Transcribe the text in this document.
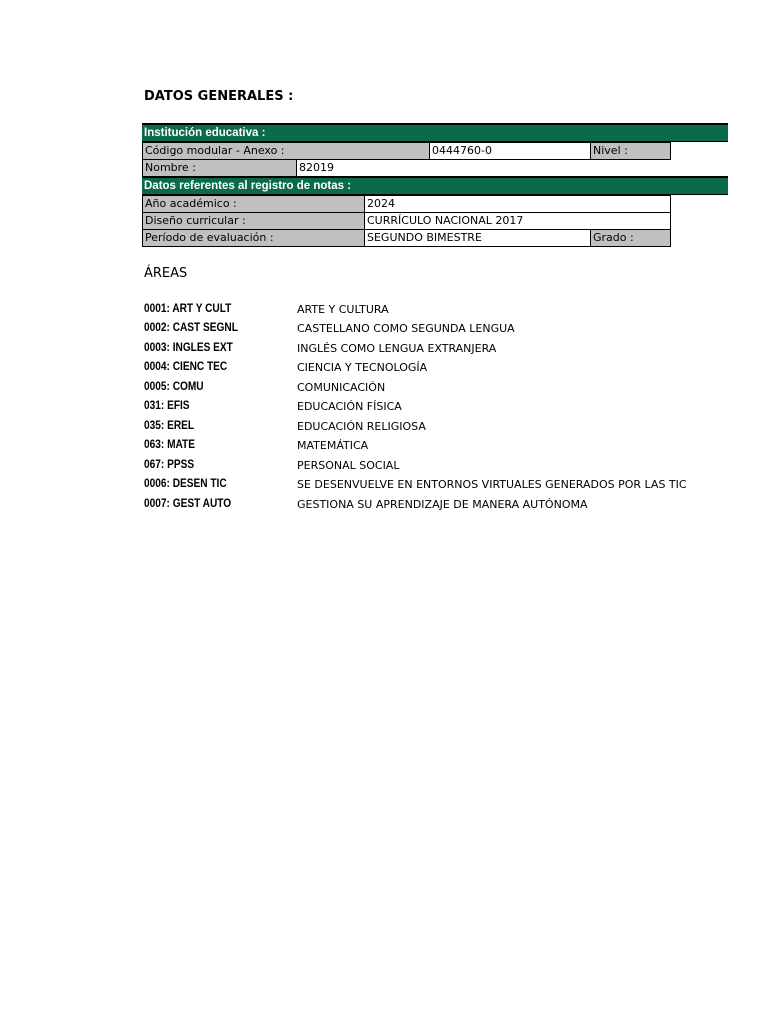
DATOS GENERALES :
Institución educativa :
Código modular - Anexo :		0444760-0	Nivel :
Nombre :	82019		
Datos referentes al registro de notas :
Año académico :	2024	
Diseño curricular :	CURRÍCULO NACIONAL 2017	
Período de evaluación :	SEGUNDO BIMESTRE	Grado :
ÁREAS
0001: ART Y CULT	ARTE Y CULTURA
0002: CAST SEGNL	CASTELLANO COMO SEGUNDA LENGUA
0003: INGLES EXT	INGLÉS COMO LENGUA EXTRANJERA
0004: CIENC TEC	CIENCIA Y TECNOLOGÍA
0005: COMU	COMUNICACIÓN
031: EFIS	EDUCACIÓN FÍSICA
035: EREL	EDUCACIÓN RELIGIOSA
063: MATE	MATEMÁTICA
067: PPSS	PERSONAL SOCIAL
0006: DESEN TIC	SE DESENVUELVE EN ENTORNOS VIRTUALES GENERADOS POR LAS TIC
0007: GEST AUTO	GESTIONA SU APRENDIZAJE DE MANERA AUTÓNOMA
